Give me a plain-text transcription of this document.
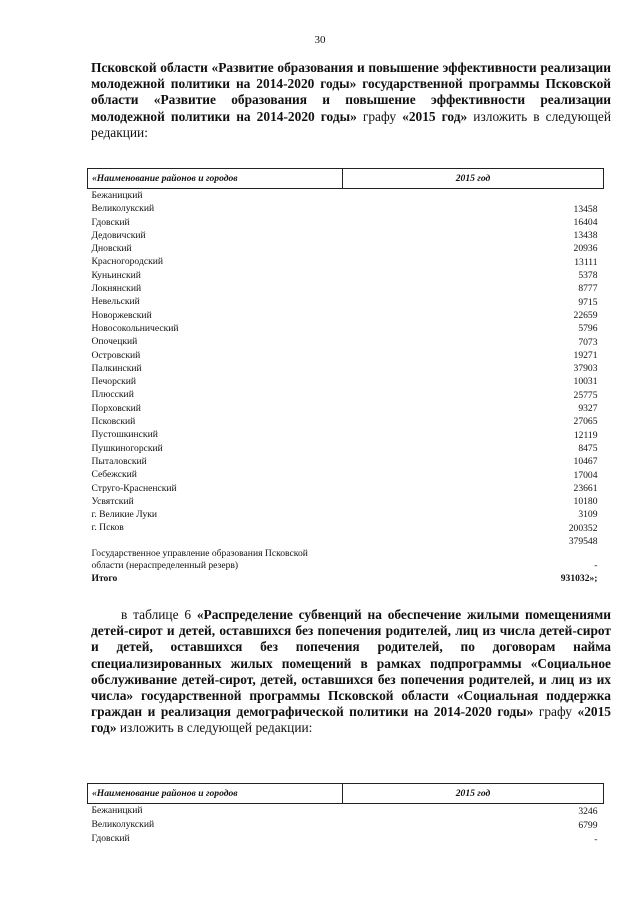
30
Псковской области «Развитие образования и повышение эффективности реализации молодежной политики на 2014-2020 годы» государственной программы Псковской области «Развитие образования и повышение эффективности реализации молодежной политики на 2014-2020 годы» графу «2015 год» изложить в следующей редакции:
«Наименование районов и городов	2015 год
Бежаницкий	
Великолукский	13458
Гдовский	16404
Дедовичский	13438
Дновский	20936
Красногородский	13111
Куньинский	5378
Локнянский	8777
Невельский	9715
Новоржевский	22659
Новосокольнический	5796
Опочецкий	7073
Островский	19271
Палкинский	37903
Печорский	10031
Плюсский	25775
Порховский	9327
Псковский	27065
Пустошкинский	12119
Пушкиногорский	8475
Пыталовский	10467
Себежский	17004
Струго-Красненский	23661
Усвятский	10180
г. Великие Луки	3109
г. Псков	200352
	379548
Государственное управление образования Псковской области (нераспределенный резерв)	-
Итого	931032»;
в таблице 6 «Распределение субвенций на обеспечение жилыми помещениями детей-сирот и детей, оставшихся без попечения родителей, лиц из числа детей-сирот и детей, оставшихся без попечения родителей, по договорам найма специализированных жилых помещений в рамках подпрограммы «Социальное обслуживание детей-сирот, детей, оставшихся без попечения родителей, и лиц из их числа» государственной программы Псковской области «Социальная поддержка граждан и реализация демографической политики на 2014-2020 годы» графу «2015 год» изложить в следующей редакции:
«Наименование районов и городов	2015 год
Бежаницкий	3246
Великолукский	6799
Гдовский	-
